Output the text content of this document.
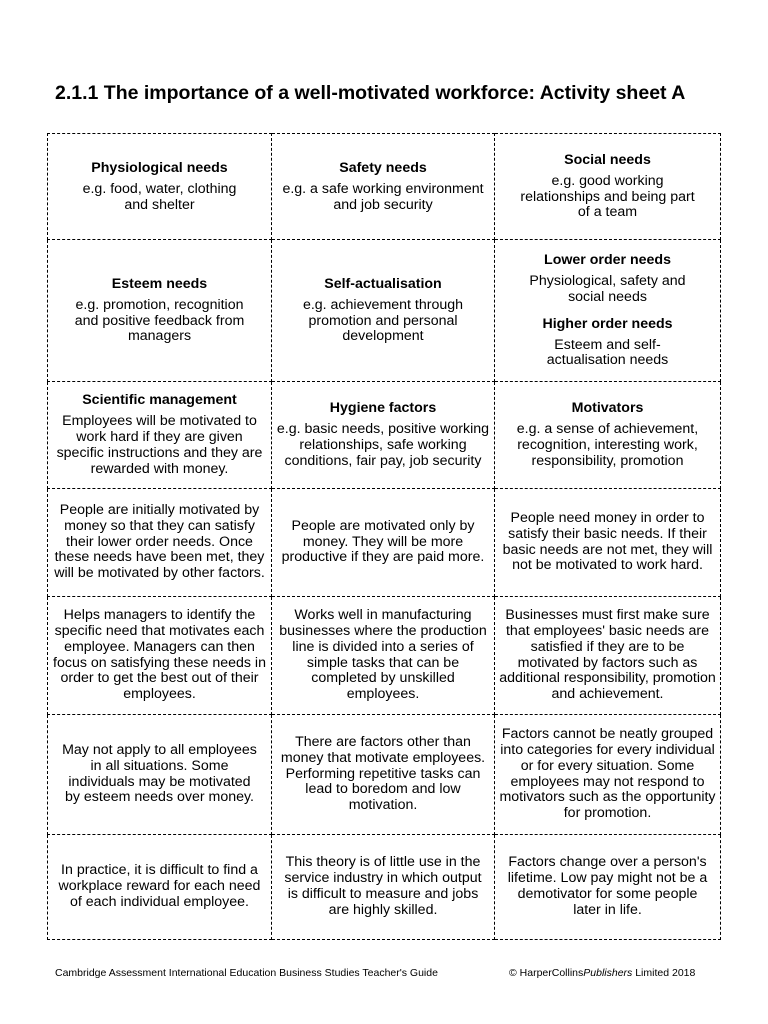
2.1.1 The importance of a well-motivated workforce: Activity sheet A
Physiological needs

e.g. food, water, clothing and shelter

Safety needs

e.g. a safe working environment and job security

Social needs

e.g. good working relationships and being part of a team

Esteem needs

e.g. promotion, recognition and positive feedback from managers

Self-actualisation

e.g. achievement through promotion and personal development

Lower order needs

Physiological, safety and social needs

Higher order needs

Esteem and self-actualisation needs

Scientific management

Employees will be motivated to work hard if they are given specific instructions and they are rewarded with money.

Hygiene factors

e.g. basic needs, positive working relationships, safe working conditions, fair pay, job security

Motivators

e.g. a sense of achievement, recognition, interesting work, responsibility, promotion

People are initially motivated by money so that they can satisfy their lower order needs. Once these needs have been met, they will be motivated by other factors.

People are motivated only by money. They will be more productive if they are paid more.

People need money in order to satisfy their basic needs. If their basic needs are not met, they will not be motivated to work hard.

Helps managers to identify the specific need that motivates each employee. Managers can then focus on satisfying these needs in order to get the best out of their employees.

Works well in manufacturing businesses where the production line is divided into a series of simple tasks that can be completed by unskilled employees.

Businesses must first make sure that employees' basic needs are satisfied if they are to be motivated by factors such as additional responsibility, promotion and achievement.

May not apply to all employees in all situations. Some individuals may be motivated by esteem needs over money.

There are factors other than money that motivate employees. Performing repetitive tasks can lead to boredom and low motivation.

Factors cannot be neatly grouped into categories for every individual or for every situation. Some employees may not respond to motivators such as the opportunity for promotion.

In practice, it is difficult to find a workplace reward for each need of each individual employee.

This theory is of little use in the service industry in which output is difficult to measure and jobs are highly skilled.

Factors change over a person's lifetime. Low pay might not be a demotivator for some people later in life.

Cambridge Assessment International Education Business Studies Teacher's Guide	© HarperCollinsPublishers Limited 2018
